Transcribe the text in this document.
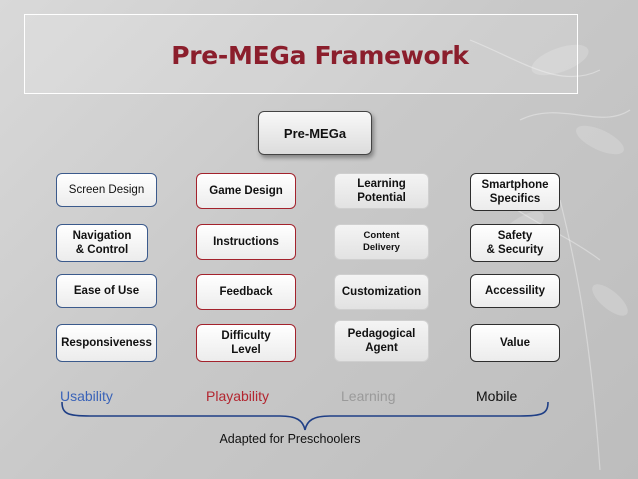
Pre-MEGa Framework
Pre-MEGa
Screen Design
Navigation
& Control
Ease of Use
Responsiveness
Game Design
Instructions
Feedback
Difficulty
Level
Learning
Potential
Content
Delivery
Customization
Pedagogical
Agent
Smartphone
Specifics
Safety
& Security
Accessility
Value
Usability	Playability	Learning	Mobile
Adapted for Preschoolers
